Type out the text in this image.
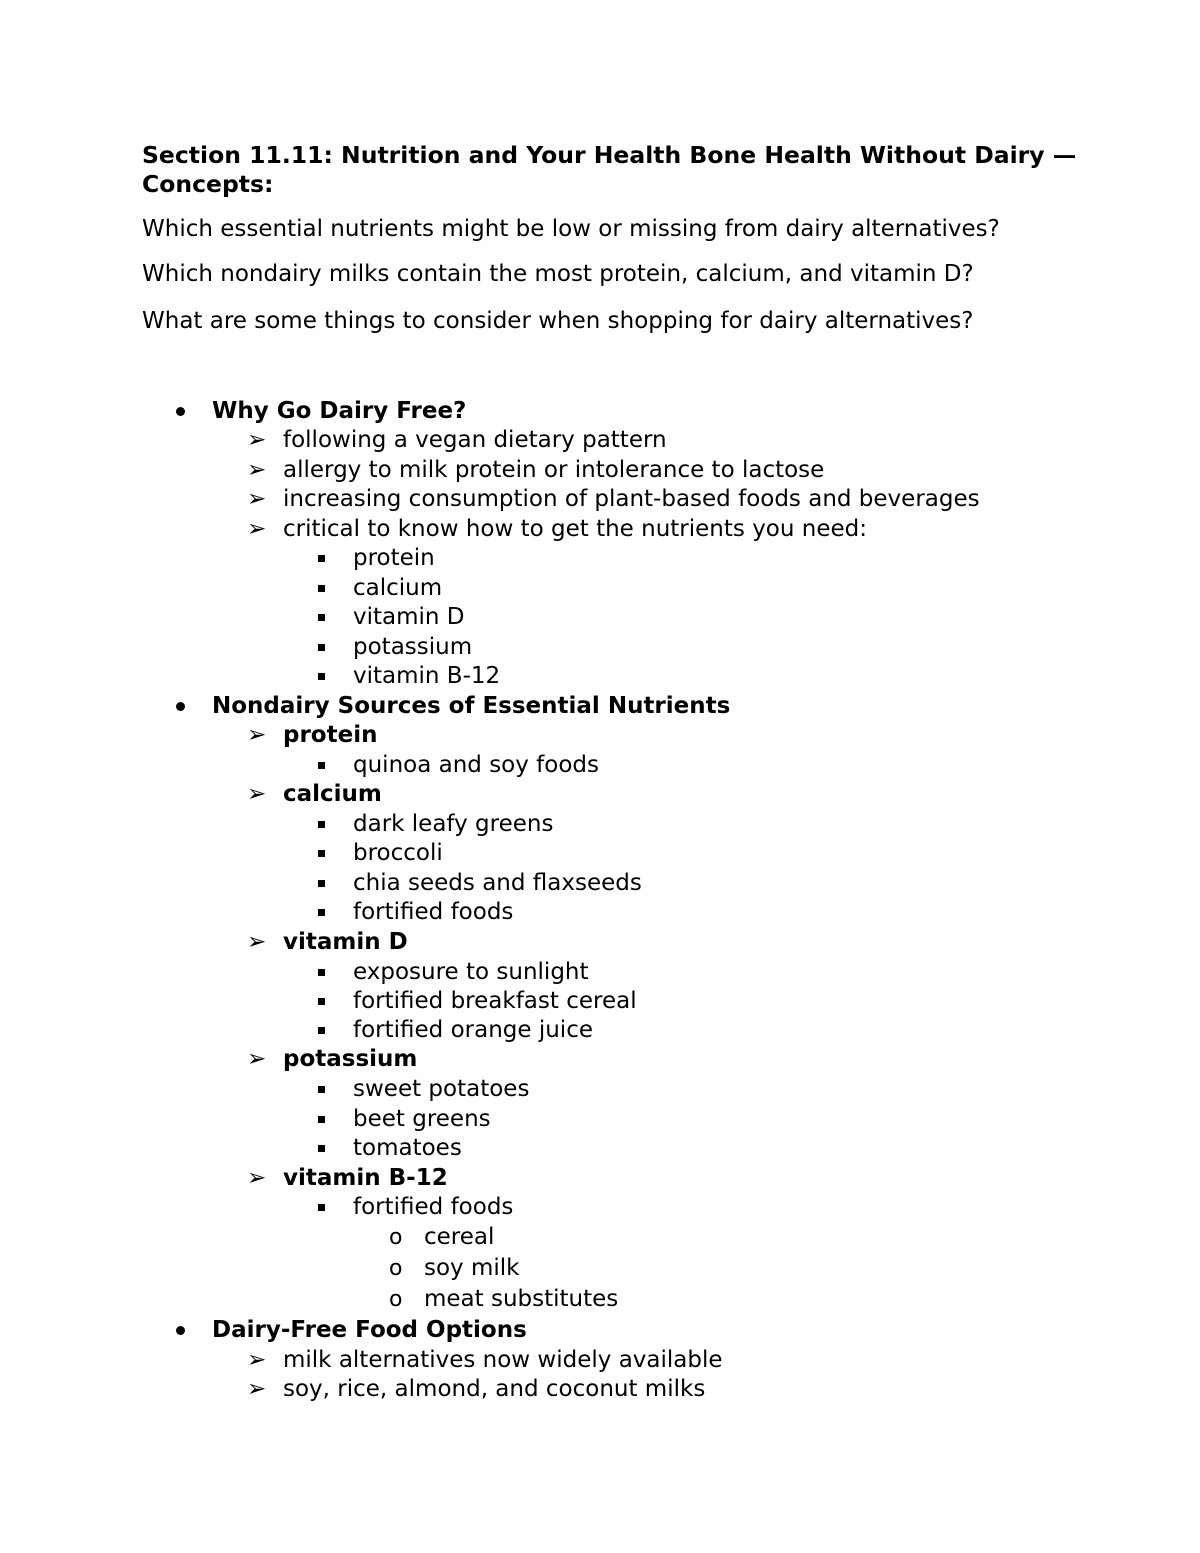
Section 11.11: Nutrition and Your Health Bone Health Without Dairy —Concepts:
Which essential nutrients might be low or missing from dairy alternatives?
Which nondairy milks contain the most protein, calcium, and vitamin D?
What are some things to consider when shopping for dairy alternatives?
Why Go Dairy Free?
➢ following a vegan dietary pattern
➢ allergy to milk protein or intolerance to lactose
➢ increasing consumption of plant-based foods and beverages
➢ critical to know how to get the nutrients you need:
protein
calcium
vitamin D
potassium
vitamin B-12
Nondairy Sources of Essential Nutrients
➢ protein
quinoa and soy foods
➢ calcium
dark leafy greens
broccoli
chia seeds and flaxseeds
fortified foods
➢ vitamin D
exposure to sunlight
fortified breakfast cereal
fortified orange juice
➢ potassium
sweet potatoes
beet greens
tomatoes
➢ vitamin B-12
fortified foods
o cereal
o soy milk
o meat substitutes
Dairy-Free Food Options
➢ milk alternatives now widely available
➢ soy, rice, almond, and coconut milks
